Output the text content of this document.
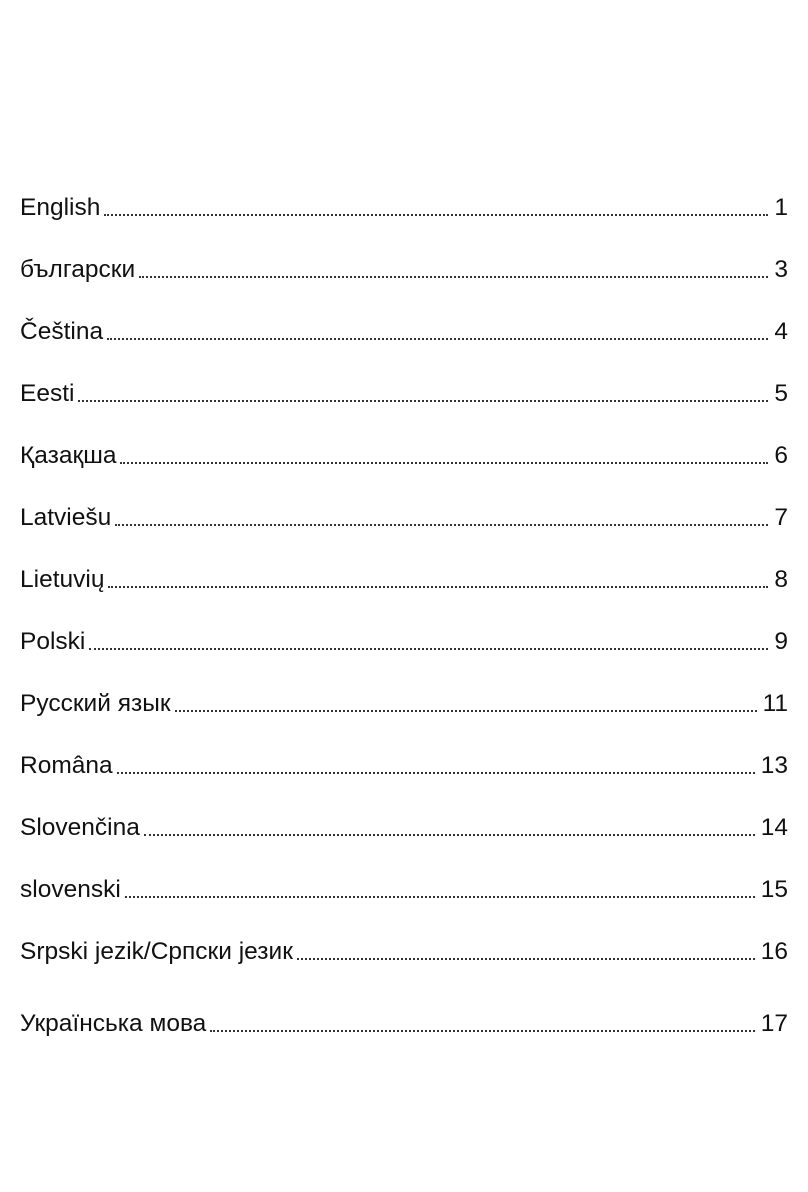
English	1
български	3
Čeština	4
Eesti	5
Қазақша	6
Latviešu	7
Lietuvių	8
Polski	9
Русский язык	11
Româna	13
Slovenčina	14
slovenski	15
Srpski jezik/Српски језик	16
Українська мова	17
